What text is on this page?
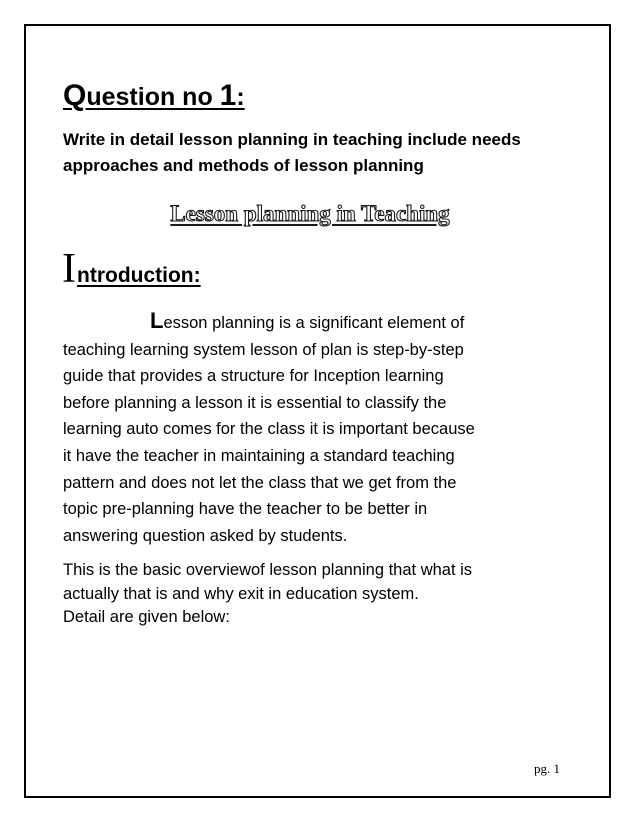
Question no 1:

Write in detail lesson planning in teaching include needs
approaches and methods of lesson planning

Lesson planning in Teaching
Introduction:

Lesson planning is a significant element of
teaching learning system lesson of plan is step-by-step
guide that provides a structure for Inception learning
before planning a lesson it is essential to classify the
learning auto comes for the class it is important because
it have the teacher in maintaining a standard teaching
pattern and does not let the class that we get from the
topic pre-planning have the teacher to be better in
answering question asked by students.

This is the basic overviewof lesson planning that what is
actually that is and why exit in education system.
Detail are given below:

pg. 1
